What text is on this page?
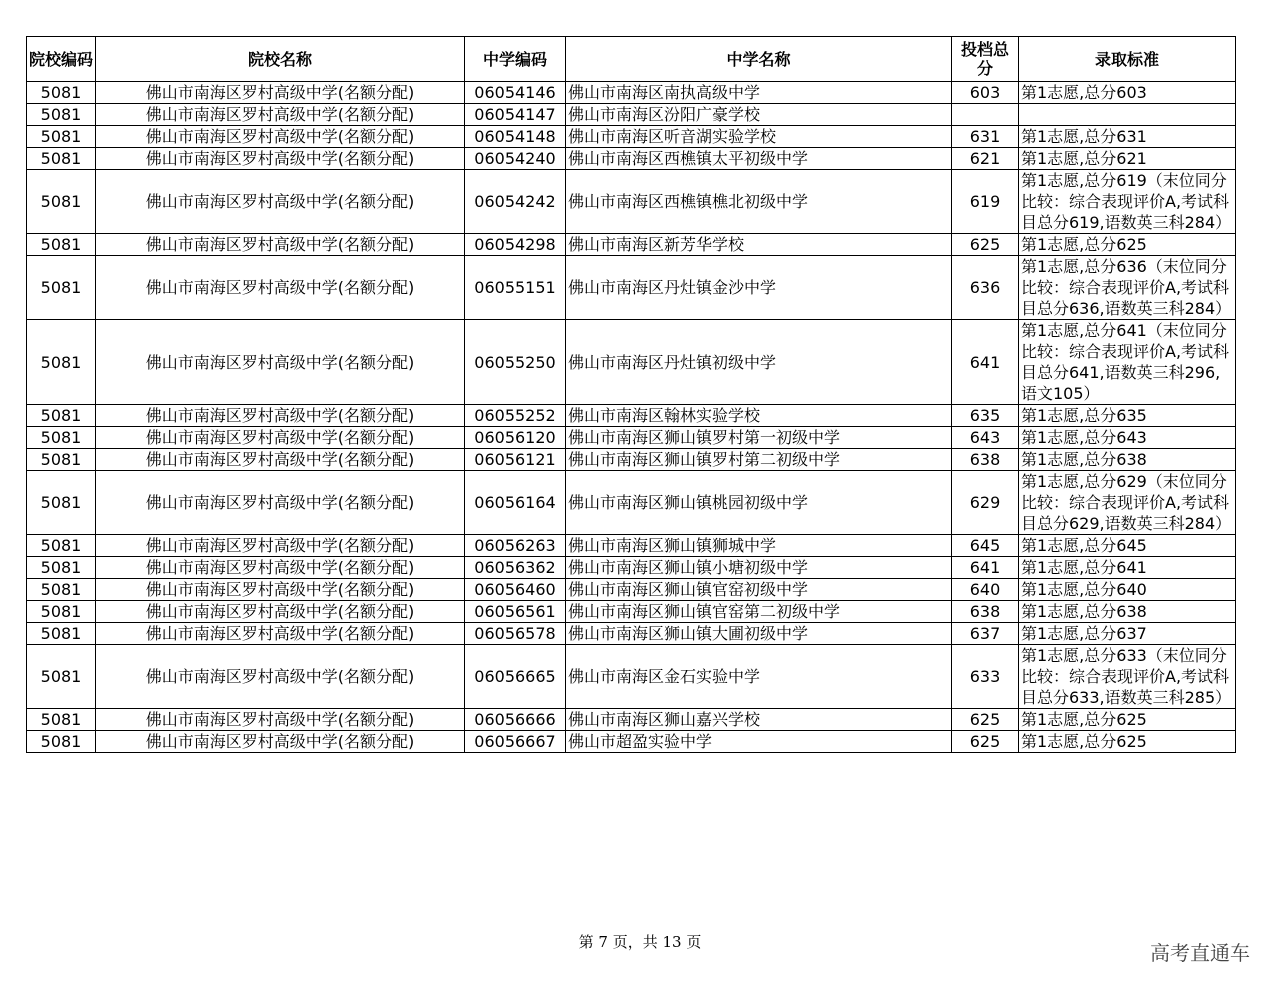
院校编码	院校名称	中学编码	中学名称	投档总分	录取标准
5081	佛山市南海区罗村高级中学(名额分配)	06054146	佛山市南海区南执高级中学	603	第1志愿,总分603
5081	佛山市南海区罗村高级中学(名额分配)	06054147	佛山市南海区汾阳广豪学校		
5081	佛山市南海区罗村高级中学(名额分配)	06054148	佛山市南海区听音湖实验学校	631	第1志愿,总分631
5081	佛山市南海区罗村高级中学(名额分配)	06054240	佛山市南海区西樵镇太平初级中学	621	第1志愿,总分621
5081	佛山市南海区罗村高级中学(名额分配)	06054242	佛山市南海区西樵镇樵北初级中学	619	第1志愿,总分619（末位同分比较：综合表现评价A,考试科目总分619,语数英三科284）
5081	佛山市南海区罗村高级中学(名额分配)	06054298	佛山市南海区新芳华学校	625	第1志愿,总分625
5081	佛山市南海区罗村高级中学(名额分配)	06055151	佛山市南海区丹灶镇金沙中学	636	第1志愿,总分636（末位同分比较：综合表现评价A,考试科目总分636,语数英三科284）
5081	佛山市南海区罗村高级中学(名额分配)	06055250	佛山市南海区丹灶镇初级中学	641	第1志愿,总分641（末位同分比较：综合表现评价A,考试科目总分641,语数英三科296,语文105）
5081	佛山市南海区罗村高级中学(名额分配)	06055252	佛山市南海区翰林实验学校	635	第1志愿,总分635
5081	佛山市南海区罗村高级中学(名额分配)	06056120	佛山市南海区狮山镇罗村第一初级中学	643	第1志愿,总分643
5081	佛山市南海区罗村高级中学(名额分配)	06056121	佛山市南海区狮山镇罗村第二初级中学	638	第1志愿,总分638
5081	佛山市南海区罗村高级中学(名额分配)	06056164	佛山市南海区狮山镇桃园初级中学	629	第1志愿,总分629（末位同分比较：综合表现评价A,考试科目总分629,语数英三科284）
5081	佛山市南海区罗村高级中学(名额分配)	06056263	佛山市南海区狮山镇狮城中学	645	第1志愿,总分645
5081	佛山市南海区罗村高级中学(名额分配)	06056362	佛山市南海区狮山镇小塘初级中学	641	第1志愿,总分641
5081	佛山市南海区罗村高级中学(名额分配)	06056460	佛山市南海区狮山镇官窑初级中学	640	第1志愿,总分640
5081	佛山市南海区罗村高级中学(名额分配)	06056561	佛山市南海区狮山镇官窑第二初级中学	638	第1志愿,总分638
5081	佛山市南海区罗村高级中学(名额分配)	06056578	佛山市南海区狮山镇大圃初级中学	637	第1志愿,总分637
5081	佛山市南海区罗村高级中学(名额分配)	06056665	佛山市南海区金石实验中学	633	第1志愿,总分633（末位同分比较：综合表现评价A,考试科目总分633,语数英三科285）
5081	佛山市南海区罗村高级中学(名额分配)	06056666	佛山市南海区狮山嘉兴学校	625	第1志愿,总分625
5081	佛山市南海区罗村高级中学(名额分配)	06056667	佛山市超盈实验中学	625	第1志愿,总分625
第 7 页，共 13 页	高考直通车
